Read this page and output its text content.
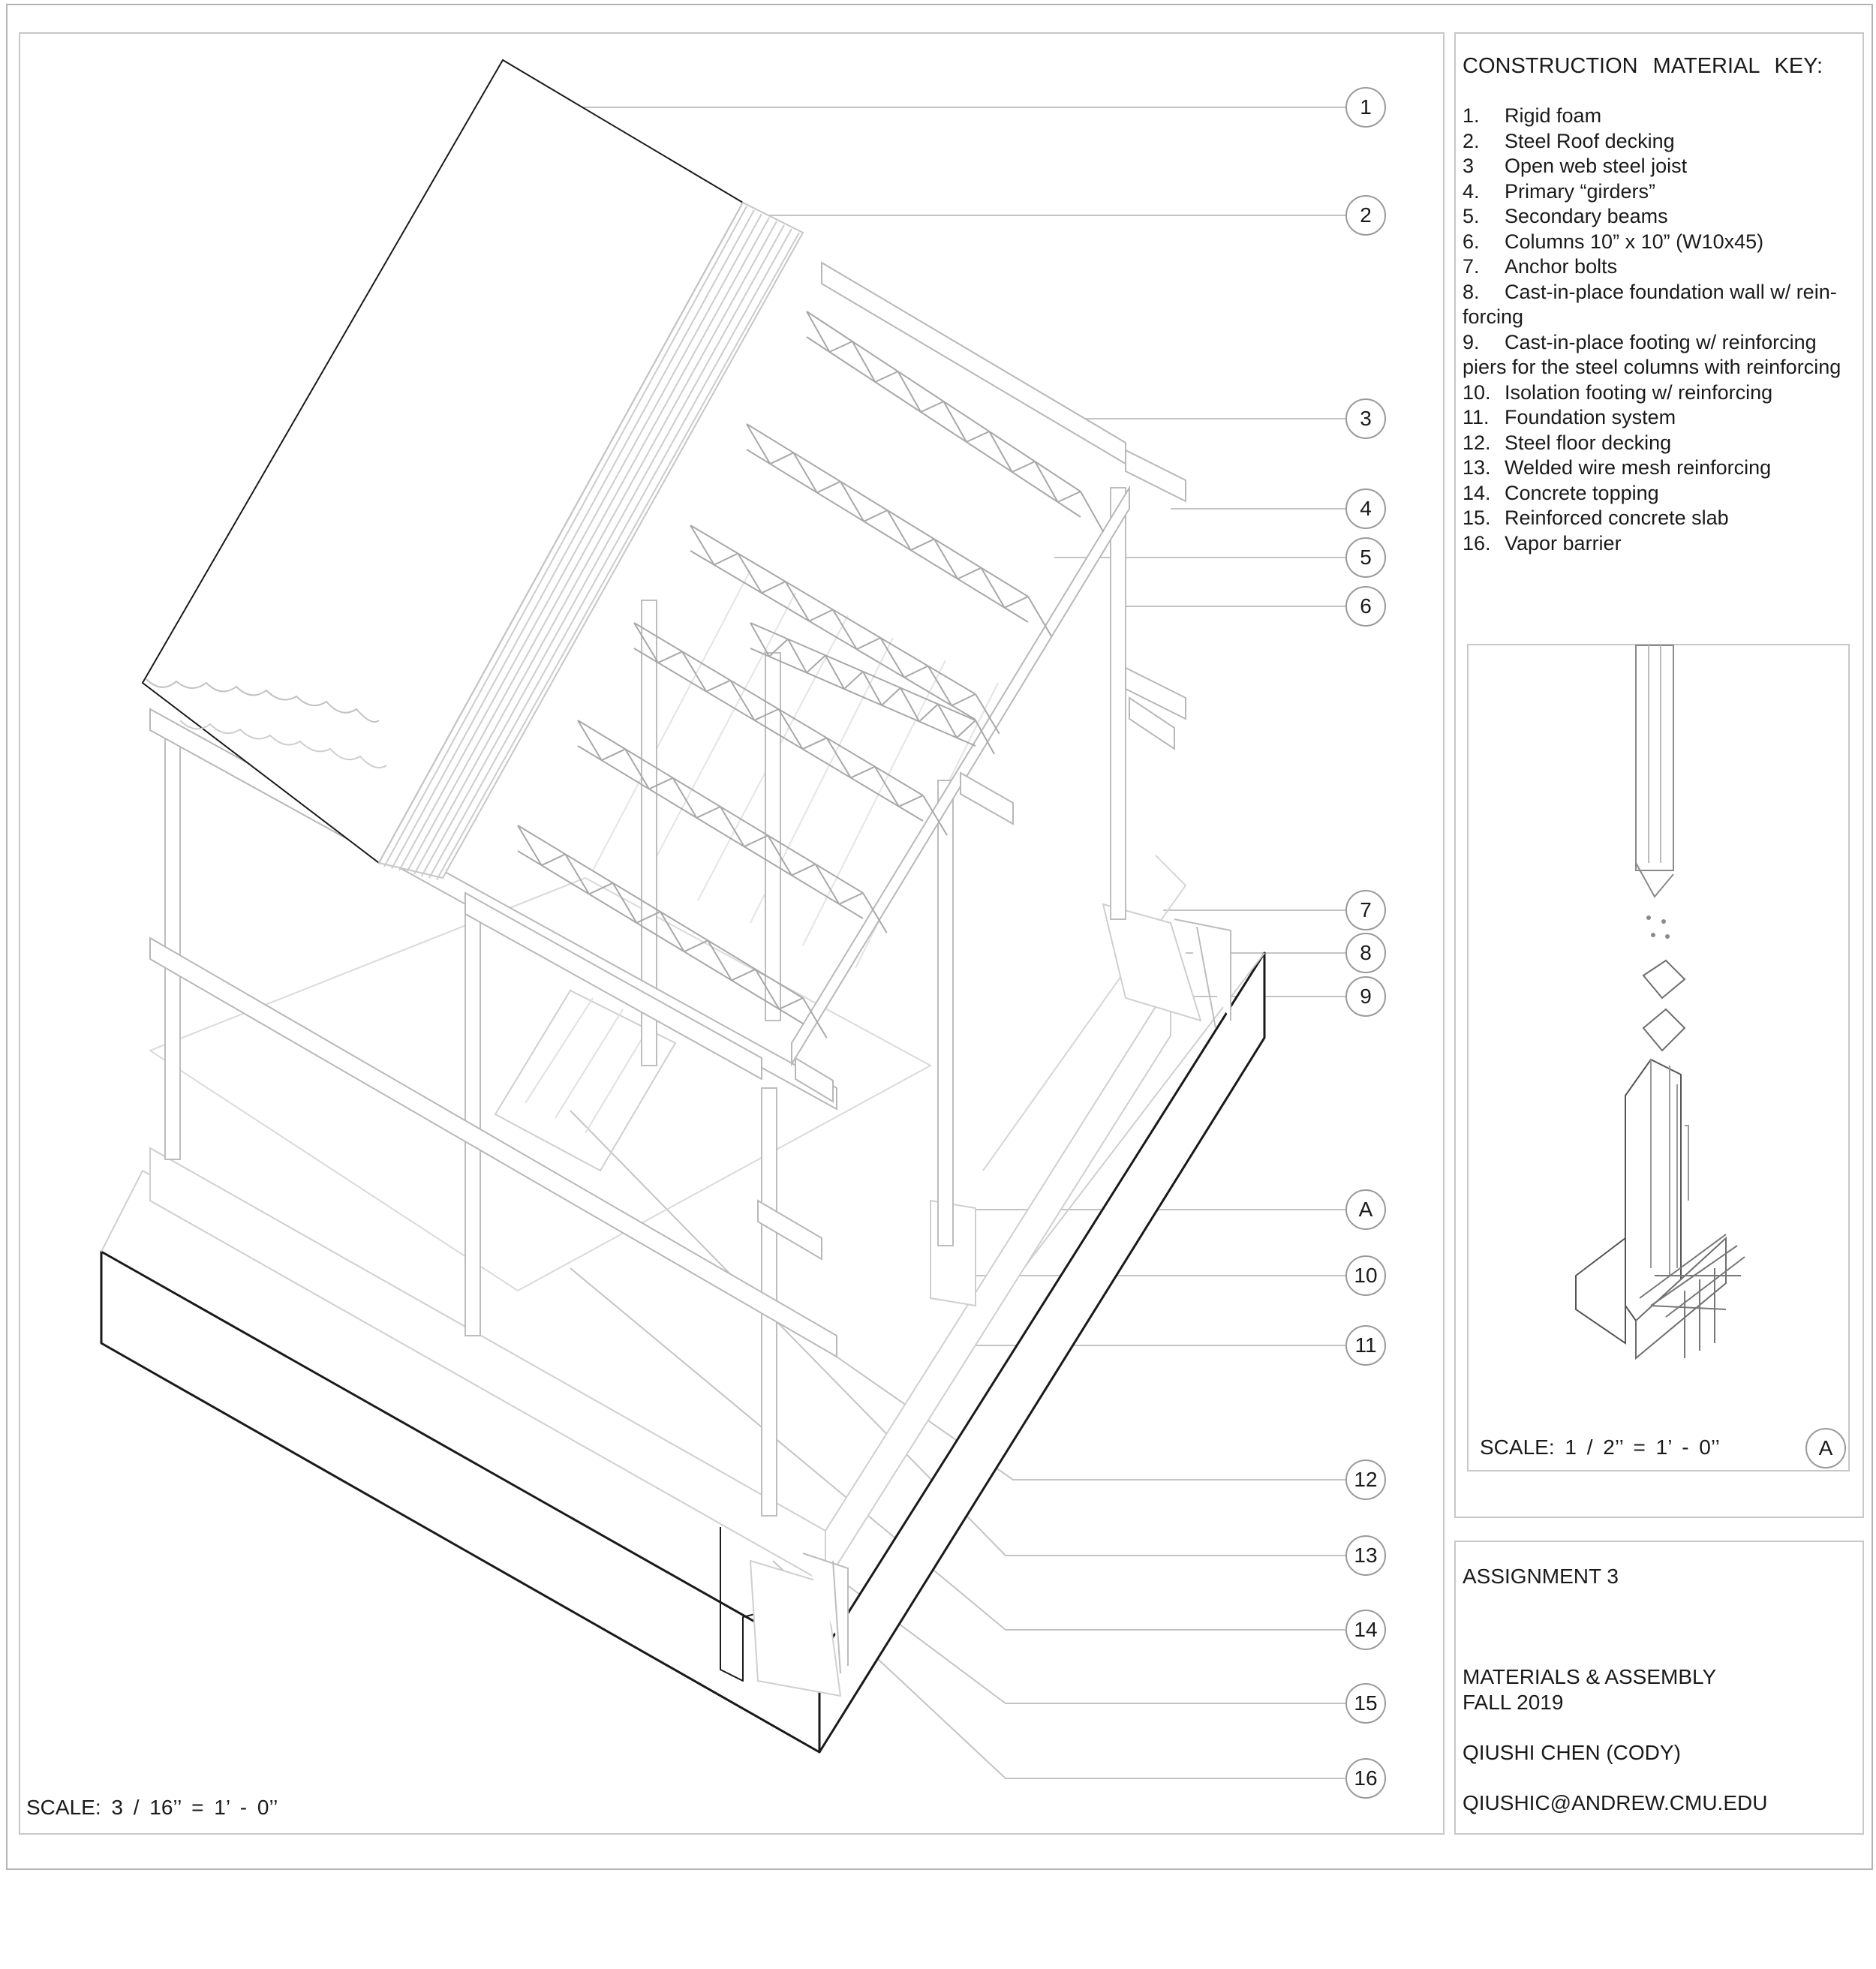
1
2
3
4
5
6
7
8
9
A
10
11
12
13
14
15
16
CONSTRUCTION MATERIAL KEY:
1. Rigid foam
2. Steel Roof decking
3 Open web steel joist
4. Primary “girders”
5. Secondary beams
6. Columns 10” x 10” (W10x45)
7. Anchor bolts
8. Cast-in-place foundation wall w/ rein-
forcing
9. Cast-in-place footing w/ reinforcing
piers for the steel columns with reinforcing
10. Isolation footing w/ reinforcing
11. Foundation system
12. Steel floor decking
13. Welded wire mesh reinforcing
14. Concrete topping
15. Reinforced concrete slab
16. Vapor barrier
SCALE: 3 / 16’’ = 1’ - 0’’
SCALE: 1 / 2’’ = 1’ - 0’’	A
ASSIGNMENT 3
MATERIALS & ASSEMBLY
FALL 2019
QIUSHI CHEN (CODY)
QIUSHIC@ANDREW.CMU.EDU
